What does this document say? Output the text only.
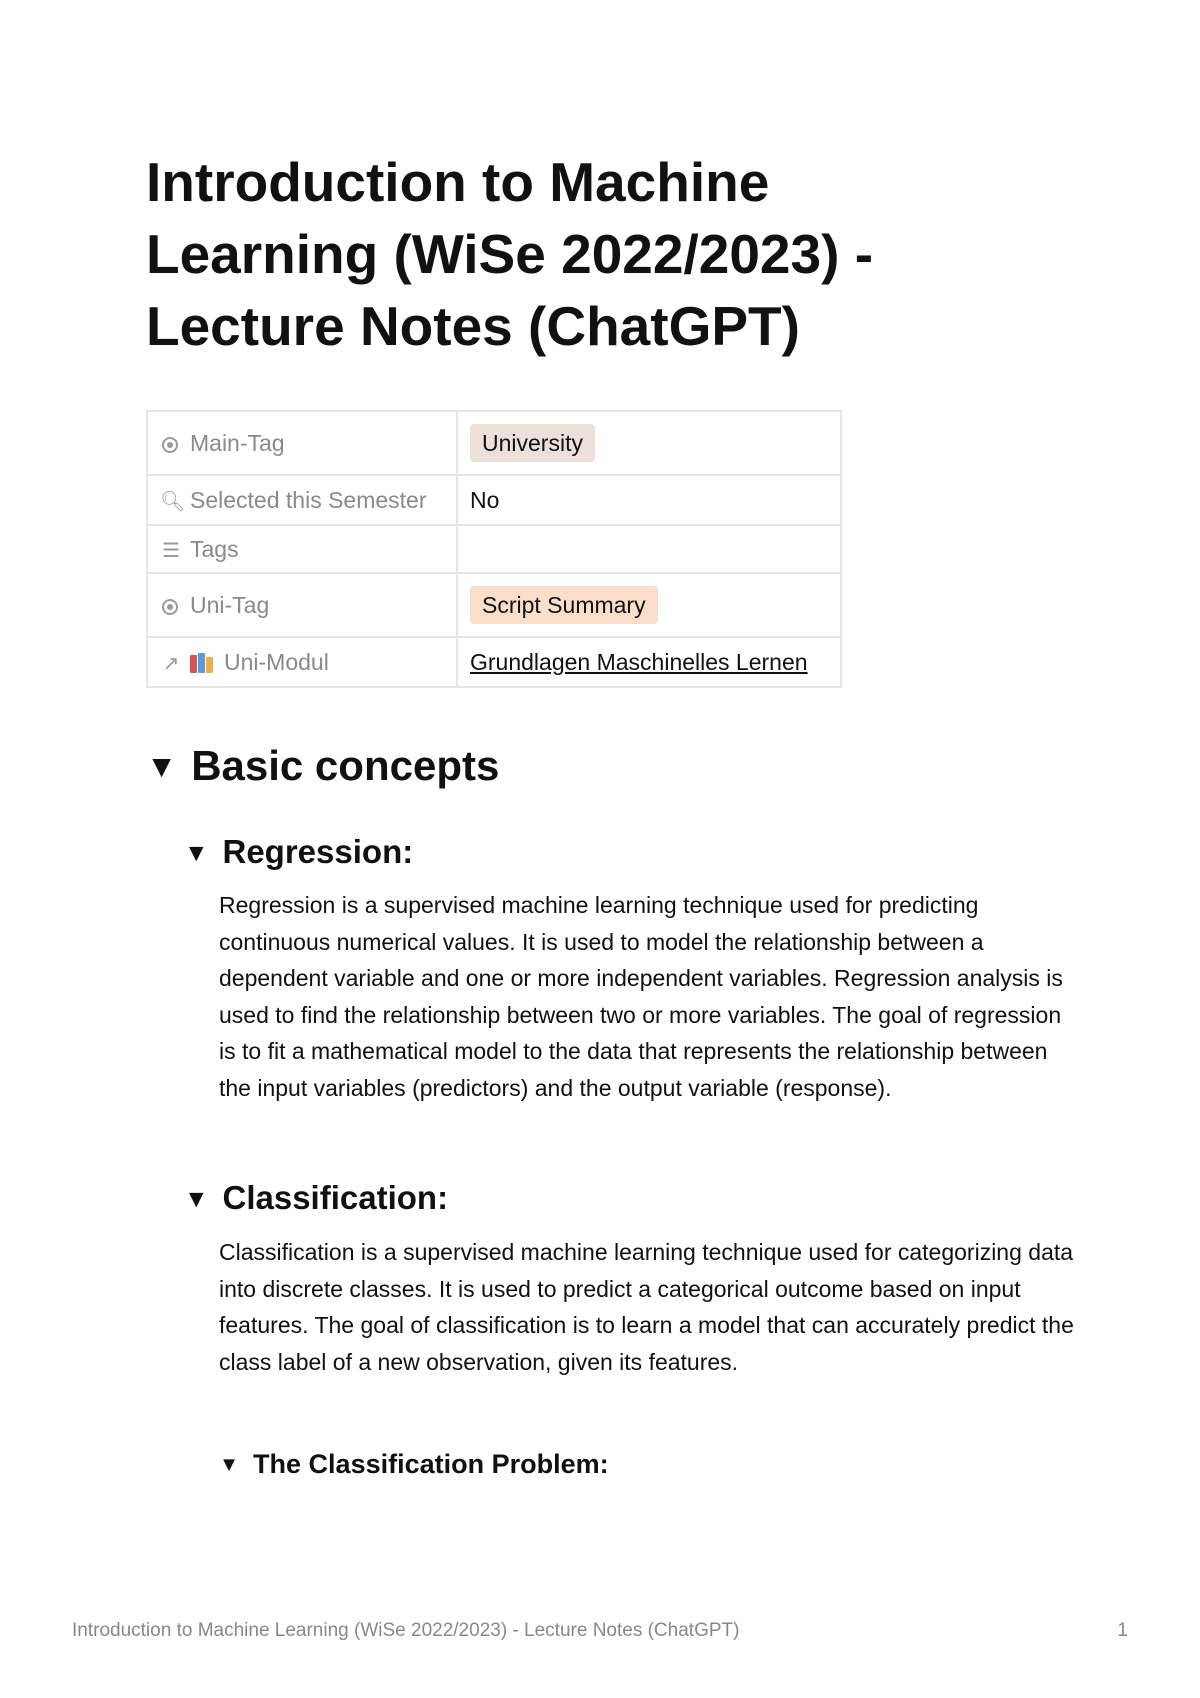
Introduction to Machine Learning (WiSe 2022/2023) - Lecture Notes (ChatGPT)
Main-Tag	University
🔍︎ Selected this Semester	No
☰ Tags	
Uni-Tag	Script Summary
↗ Uni-Modul	Grundlagen Maschinelles Lernen
▼ Basic concepts
▼ Regression:

Regression is a supervised machine learning technique used for predicting continuous numerical values. It is used to model the relationship between a dependent variable and one or more independent variables. Regression analysis is used to find the relationship between two or more variables. The goal of regression is to fit a mathematical model to the data that represents the relationship between the input variables (predictors) and the output variable (response).

▼ Classification:

Classification is a supervised machine learning technique used for categorizing data into discrete classes. It is used to predict a categorical outcome based on input features. The goal of classification is to learn a model that can accurately predict the class label of a new observation, given its features.

▼ The Classification Problem:
Introduction to Machine Learning (WiSe 2022/2023) - Lecture Notes (ChatGPT)	1
